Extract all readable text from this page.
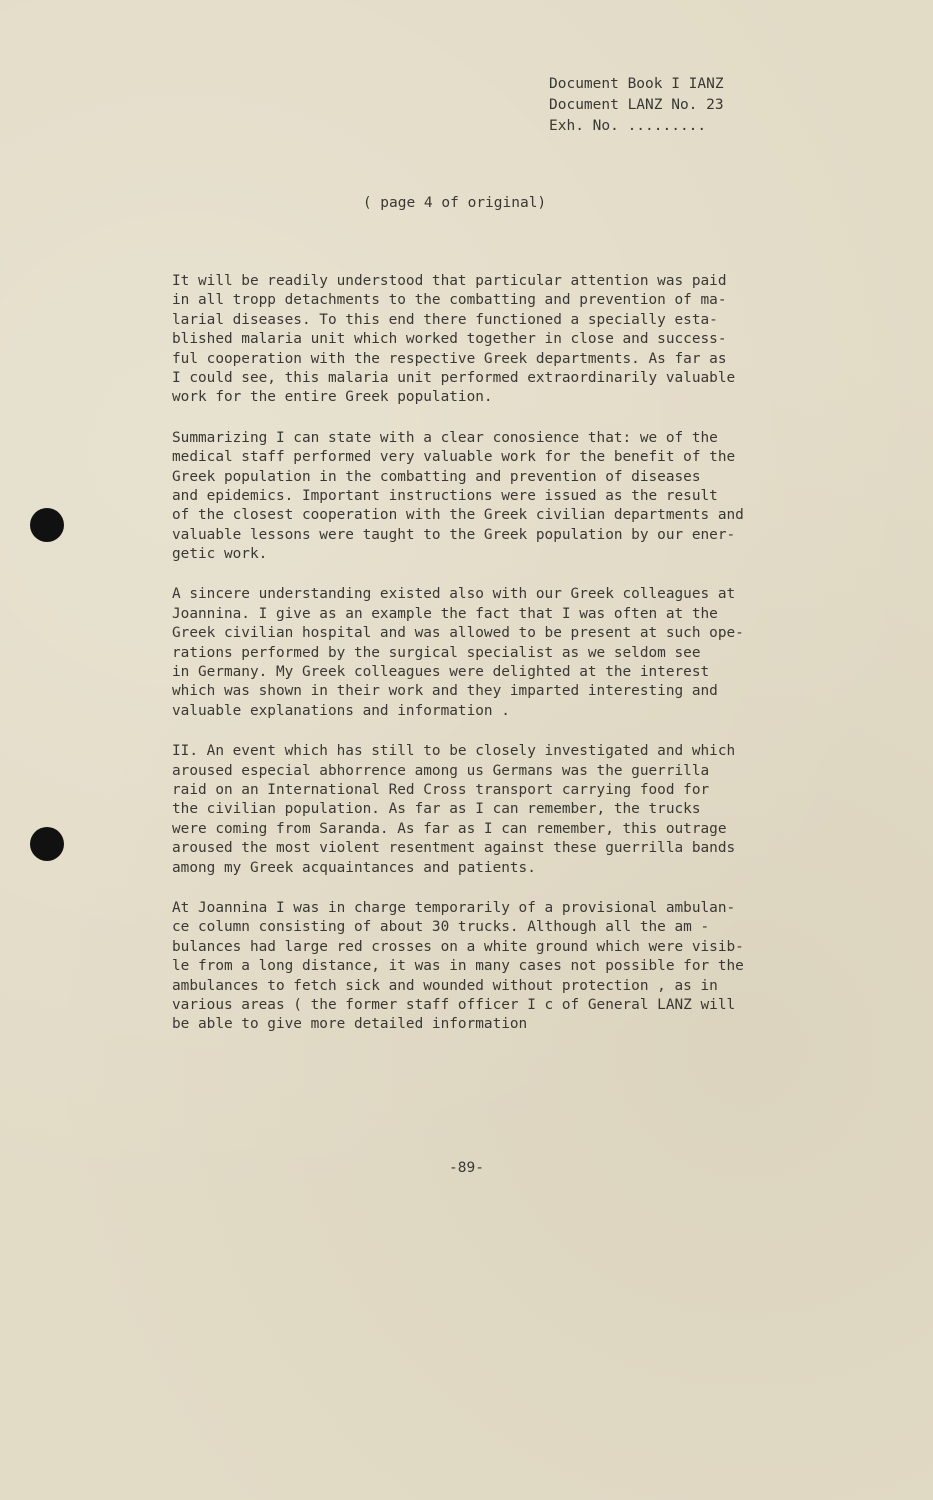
Document Book I IANZ
Document LANZ No. 23
Exh. No. .........
( page 4 of original)
It will be readily understood that particular attention was paid
in all tropp detachments to the combatting and prevention of ma-
larial diseases. To this end there functioned a specially esta-
blished malaria unit which worked together in close and success-
ful cooperation with the respective Greek departments. As far as
I could see, this malaria unit performed extraordinarily valuable
work for the entire Greek population.
Summarizing I can state with a clear conosience that: we of the
medical staff performed very valuable work for the benefit of the
Greek population in the combatting and prevention of diseases
and epidemics. Important instructions were issued as the result
of the closest cooperation with the Greek civilian departments and
valuable lessons were taught to the Greek population by our ener-
getic work.
A sincere understanding existed also with our Greek colleagues at
Joannina. I give as an example the fact that I was often at the
Greek civilian hospital and was allowed to be present at such ope-
rations performed by the surgical specialist as we seldom see
in Germany. My Greek colleagues were delighted at the interest
which was shown in their work and they imparted interesting and
valuable explanations and information .
II. An event which has still to be closely investigated and which
aroused especial abhorrence among us Germans was the guerrilla
raid on an International Red Cross transport carrying food for
the civilian population. As far as I can remember, the trucks
were coming from Saranda. As far as I can remember, this outrage
aroused the most violent resentment against these guerrilla bands
among my Greek acquaintances and patients.
At Joannina I was in charge temporarily of a provisional ambulan-
ce column consisting of about 30 trucks. Although all the am -
bulances had large red crosses on a white ground which were visib-
le from a long distance, it was in many cases not possible for the
ambulances to fetch sick and wounded without protection , as in
various areas ( the former staff officer I c of General LANZ will
be able to give more detailed information
-89-
